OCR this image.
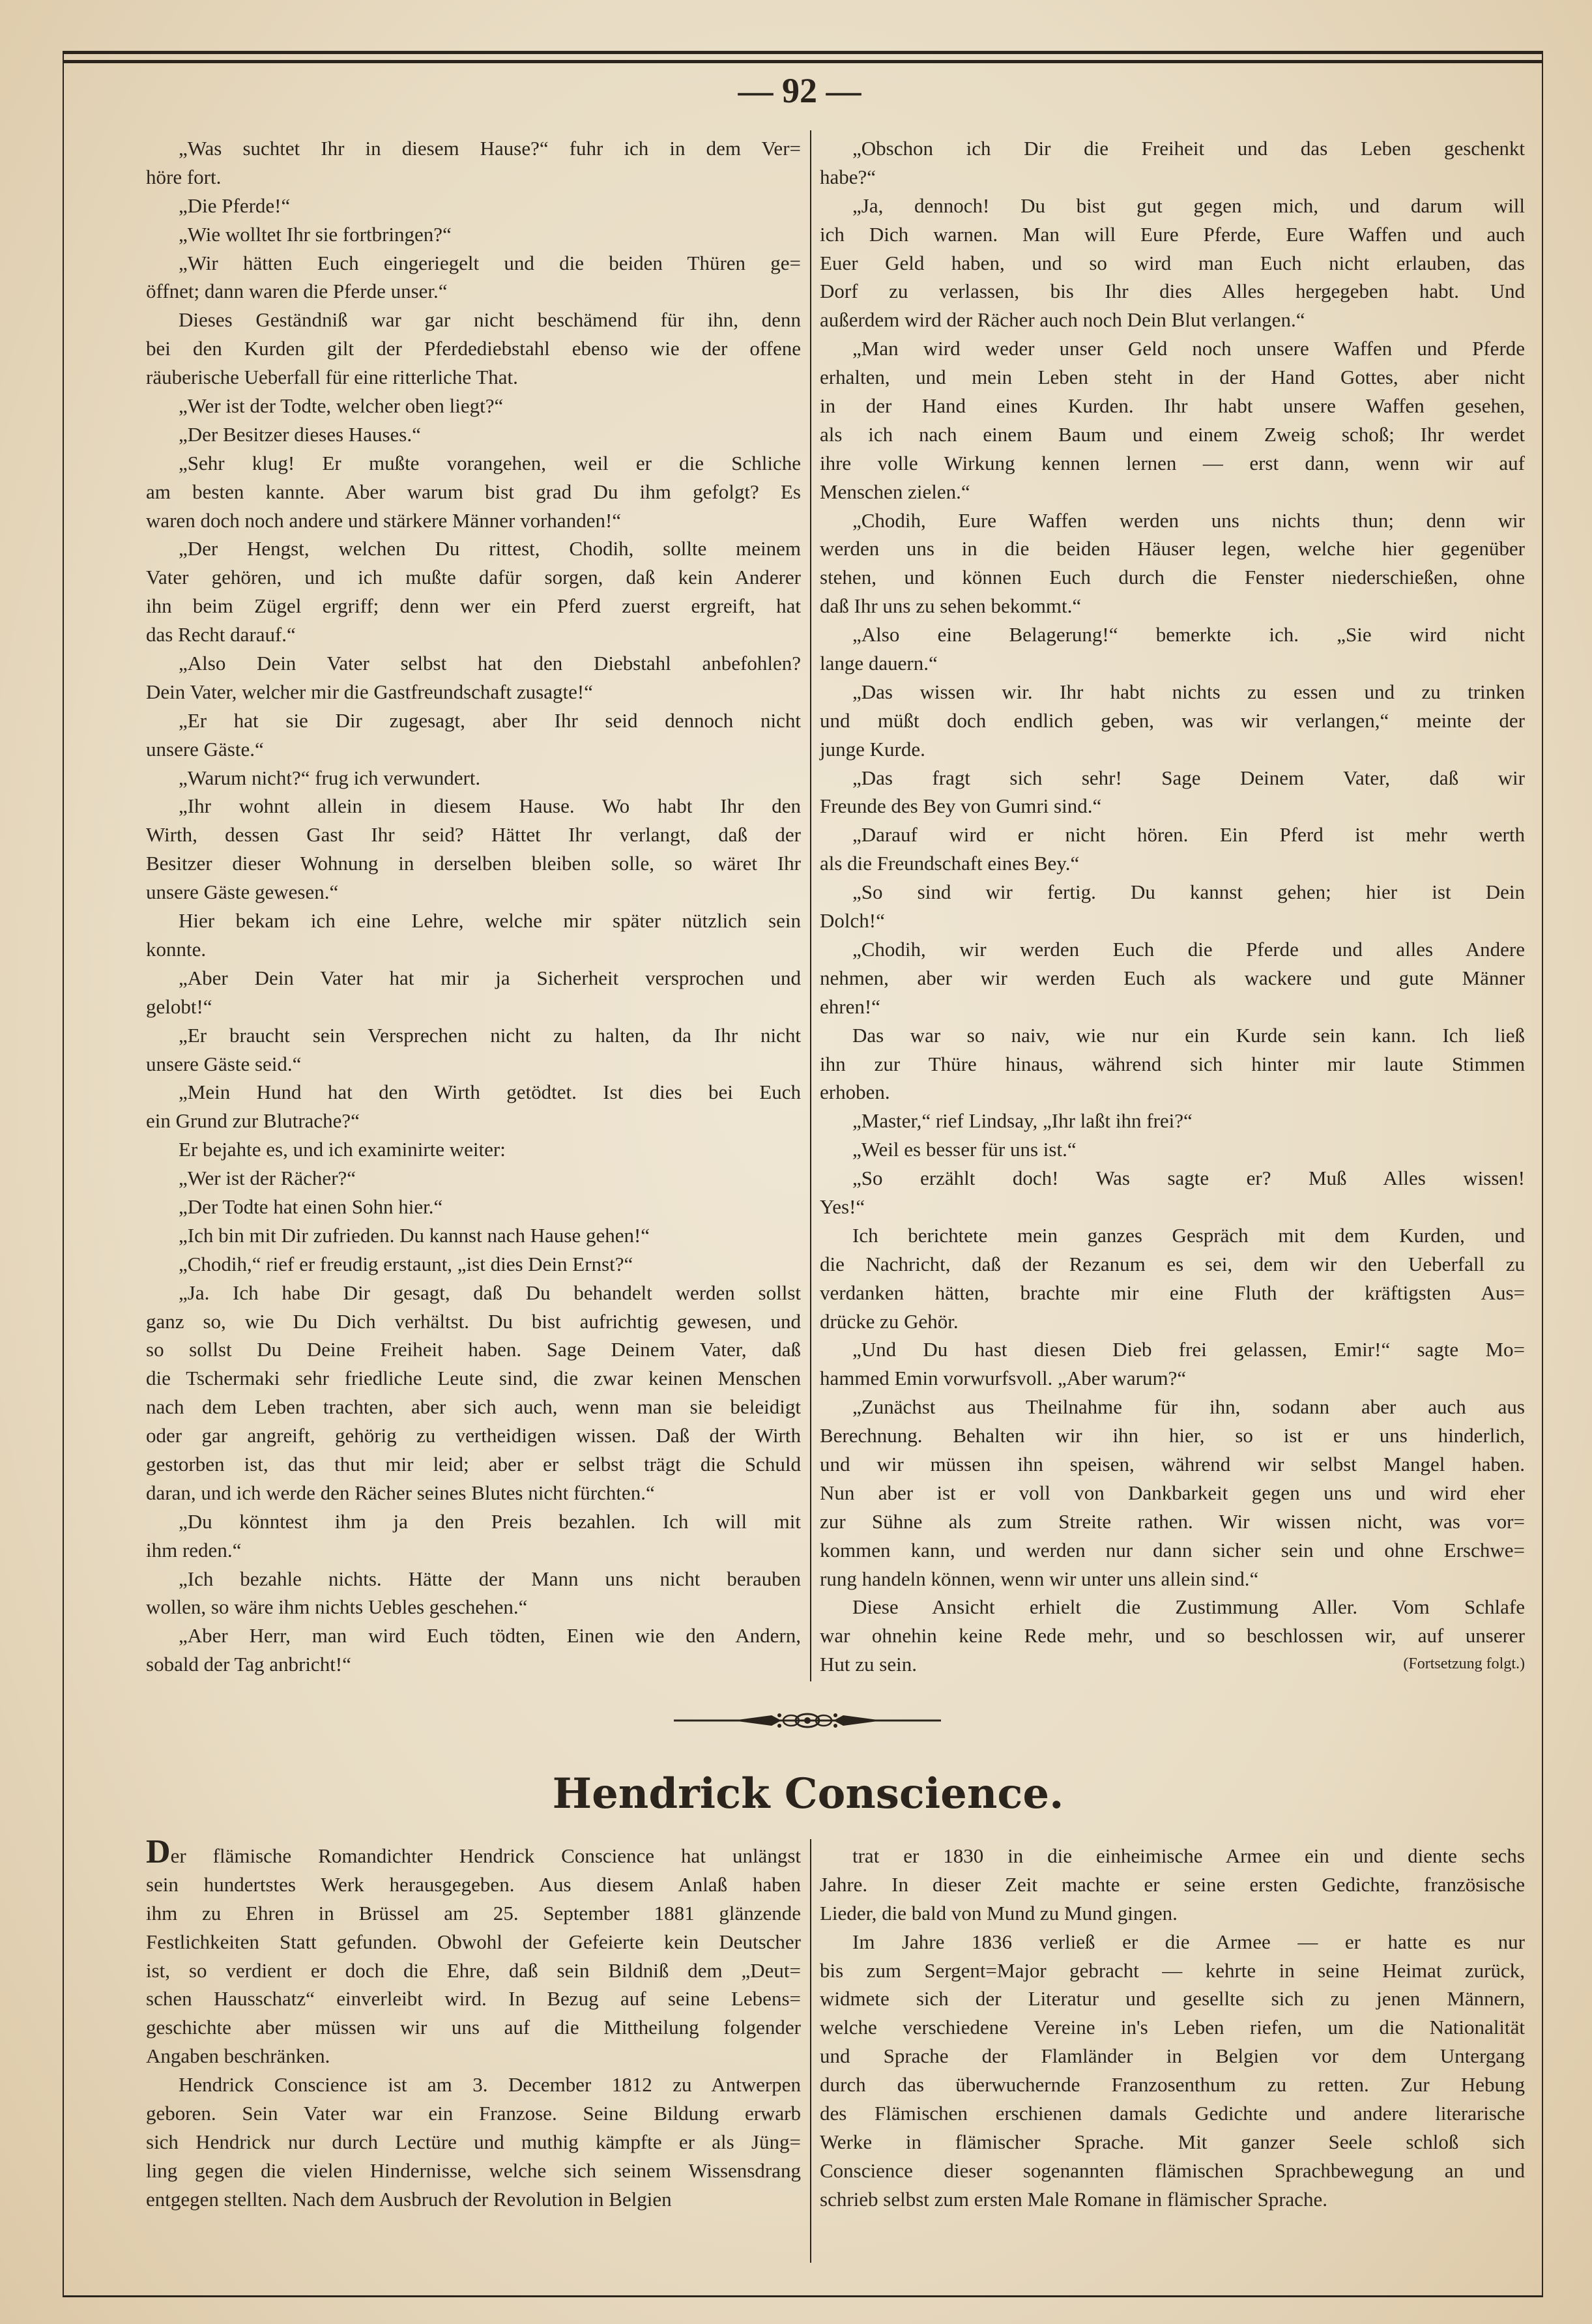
— 92 —
„Was suchtet Ihr in diesem Hause?“ fuhr ich in dem Ver=
höre fort.
„Die Pferde!“
„Wie wolltet Ihr sie fortbringen?“
„Wir hätten Euch eingeriegelt und die beiden Thüren ge=
öffnet; dann waren die Pferde unser.“
Dieses Geständniß war gar nicht beschämend für ihn, denn
bei den Kurden gilt der Pferdediebstahl ebenso wie der offene
räuberische Ueberfall für eine ritterliche That.
„Wer ist der Todte, welcher oben liegt?“
„Der Besitzer dieses Hauses.“
„Sehr klug! Er mußte vorangehen, weil er die Schliche
am besten kannte. Aber warum bist grad Du ihm gefolgt? Es
waren doch noch andere und stärkere Männer vorhanden!“
„Der Hengst, welchen Du rittest, Chodih, sollte meinem
Vater gehören, und ich mußte dafür sorgen, daß kein Anderer
ihn beim Zügel ergriff; denn wer ein Pferd zuerst ergreift, hat
das Recht darauf.“
„Also Dein Vater selbst hat den Diebstahl anbefohlen?
Dein Vater, welcher mir die Gastfreundschaft zusagte!“
„Er hat sie Dir zugesagt, aber Ihr seid dennoch nicht
unsere Gäste.“
„Warum nicht?“ frug ich verwundert.
„Ihr wohnt allein in diesem Hause. Wo habt Ihr den
Wirth, dessen Gast Ihr seid? Hättet Ihr verlangt, daß der
Besitzer dieser Wohnung in derselben bleiben solle, so wäret Ihr
unsere Gäste gewesen.“
Hier bekam ich eine Lehre, welche mir später nützlich sein
konnte.
„Aber Dein Vater hat mir ja Sicherheit versprochen und
gelobt!“
„Er braucht sein Versprechen nicht zu halten, da Ihr nicht
unsere Gäste seid.“
„Mein Hund hat den Wirth getödtet. Ist dies bei Euch
ein Grund zur Blutrache?“
Er bejahte es, und ich examinirte weiter:
„Wer ist der Rächer?“
„Der Todte hat einen Sohn hier.“
„Ich bin mit Dir zufrieden. Du kannst nach Hause gehen!“
„Chodih,“ rief er freudig erstaunt, „ist dies Dein Ernst?“
„Ja. Ich habe Dir gesagt, daß Du behandelt werden sollst
ganz so, wie Du Dich verhältst. Du bist aufrichtig gewesen, und
so sollst Du Deine Freiheit haben. Sage Deinem Vater, daß
die Tschermaki sehr friedliche Leute sind, die zwar keinen Menschen
nach dem Leben trachten, aber sich auch, wenn man sie beleidigt
oder gar angreift, gehörig zu vertheidigen wissen. Daß der Wirth
gestorben ist, das thut mir leid; aber er selbst trägt die Schuld
daran, und ich werde den Rächer seines Blutes nicht fürchten.“
„Du könntest ihm ja den Preis bezahlen. Ich will mit
ihm reden.“
„Ich bezahle nichts. Hätte der Mann uns nicht berauben
wollen, so wäre ihm nichts Uebles geschehen.“
„Aber Herr, man wird Euch tödten, Einen wie den Andern,
sobald der Tag anbricht!“
„Obschon ich Dir die Freiheit und das Leben geschenkt
habe?“
„Ja, dennoch! Du bist gut gegen mich, und darum will
ich Dich warnen. Man will Eure Pferde, Eure Waffen und auch
Euer Geld haben, und so wird man Euch nicht erlauben, das
Dorf zu verlassen, bis Ihr dies Alles hergegeben habt. Und
außerdem wird der Rächer auch noch Dein Blut verlangen.“
„Man wird weder unser Geld noch unsere Waffen und Pferde
erhalten, und mein Leben steht in der Hand Gottes, aber nicht
in der Hand eines Kurden. Ihr habt unsere Waffen gesehen,
als ich nach einem Baum und einem Zweig schoß; Ihr werdet
ihre volle Wirkung kennen lernen — erst dann, wenn wir auf
Menschen zielen.“
„Chodih, Eure Waffen werden uns nichts thun; denn wir
werden uns in die beiden Häuser legen, welche hier gegenüber
stehen, und können Euch durch die Fenster niederschießen, ohne
daß Ihr uns zu sehen bekommt.“
„Also eine Belagerung!“ bemerkte ich. „Sie wird nicht
lange dauern.“
„Das wissen wir. Ihr habt nichts zu essen und zu trinken
und müßt doch endlich geben, was wir verlangen,“ meinte der
junge Kurde.
„Das fragt sich sehr! Sage Deinem Vater, daß wir
Freunde des Bey von Gumri sind.“
„Darauf wird er nicht hören. Ein Pferd ist mehr werth
als die Freundschaft eines Bey.“
„So sind wir fertig. Du kannst gehen; hier ist Dein
Dolch!“
„Chodih, wir werden Euch die Pferde und alles Andere
nehmen, aber wir werden Euch als wackere und gute Männer
ehren!“
Das war so naiv, wie nur ein Kurde sein kann. Ich ließ
ihn zur Thüre hinaus, während sich hinter mir laute Stimmen
erhoben.
„Master,“ rief Lindsay, „Ihr laßt ihn frei?“
„Weil es besser für uns ist.“
„So erzählt doch! Was sagte er? Muß Alles wissen!
Yes!“
Ich berichtete mein ganzes Gespräch mit dem Kurden, und
die Nachricht, daß der Rezanum es sei, dem wir den Ueberfall zu
verdanken hätten, brachte mir eine Fluth der kräftigsten Aus=
drücke zu Gehör.
„Und Du hast diesen Dieb frei gelassen, Emir!“ sagte Mo=
hammed Emin vorwurfsvoll. „Aber warum?“
„Zunächst aus Theilnahme für ihn, sodann aber auch aus
Berechnung. Behalten wir ihn hier, so ist er uns hinderlich,
und wir müssen ihn speisen, während wir selbst Mangel haben.
Nun aber ist er voll von Dankbarkeit gegen uns und wird eher
zur Sühne als zum Streite rathen. Wir wissen nicht, was vor=
kommen kann, und werden nur dann sicher sein und ohne Erschwe=
rung handeln können, wenn wir unter uns allein sind.“
Diese Ansicht erhielt die Zustimmung Aller. Vom Schlafe
war ohnehin keine Rede mehr, und so beschlossen wir, auf unserer
Hut zu sein.	(Fortsetzung folgt.)
Hendrick Conscience.
Der flämische Romandichter Hendrick Conscience hat unlängst
sein hundertstes Werk herausgegeben. Aus diesem Anlaß haben
ihm zu Ehren in Brüssel am 25. September 1881 glänzende
Festlichkeiten Statt gefunden. Obwohl der Gefeierte kein Deutscher
ist, so verdient er doch die Ehre, daß sein Bildniß dem „Deut=
schen Hausschatz“ einverleibt wird. In Bezug auf seine Lebens=
geschichte aber müssen wir uns auf die Mittheilung folgender
Angaben beschränken.
Hendrick Conscience ist am 3. December 1812 zu Antwerpen
geboren. Sein Vater war ein Franzose. Seine Bildung erwarb
sich Hendrick nur durch Lectüre und muthig kämpfte er als Jüng=
ling gegen die vielen Hindernisse, welche sich seinem Wissensdrang
entgegen stellten. Nach dem Ausbruch der Revolution in Belgien
trat er 1830 in die einheimische Armee ein und diente sechs
Jahre. In dieser Zeit machte er seine ersten Gedichte, französische
Lieder, die bald von Mund zu Mund gingen.
Im Jahre 1836 verließ er die Armee — er hatte es nur
bis zum Sergent=Major gebracht — kehrte in seine Heimat zurück,
widmete sich der Literatur und gesellte sich zu jenen Männern,
welche verschiedene Vereine in's Leben riefen, um die Nationalität
und Sprache der Flamländer in Belgien vor dem Untergang
durch das überwuchernde Franzosenthum zu retten. Zur Hebung
des Flämischen erschienen damals Gedichte und andere literarische
Werke in flämischer Sprache. Mit ganzer Seele schloß sich
Conscience dieser sogenannten flämischen Sprachbewegung an und
schrieb selbst zum ersten Male Romane in flämischer Sprache.
